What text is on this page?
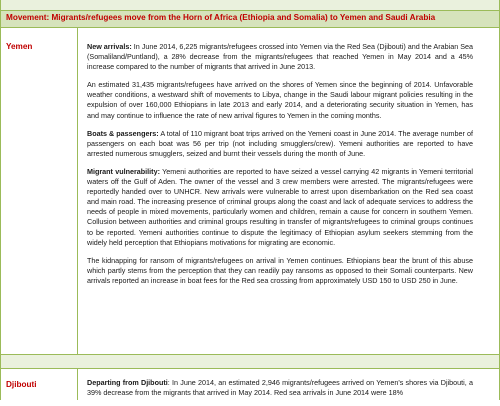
Movement: Migrants/refugees move from the Horn of Africa (Ethiopia and Somalia) to Yemen and Saudi Arabia
Yemen	New arrivals: In June 2014, 6,225 migrants/refugees crossed into Yemen via the Red Sea (Djibouti) and the Arabian Sea (Somaliland/Puntland), a 28% decrease from the migrants/refugees that reached Yemen in May 2014 and a 45% increase compared to the number of migrants that arrived in June 2013.

An estimated 31,435 migrants/refugees have arrived on the shores of Yemen since the beginning of 2014. Unfavorable weather conditions, a westward shift of movements to Libya, change in the Saudi labour migrant policies resulting in the expulsion of over 160,000 Ethiopians in late 2013 and early 2014, and a deteriorating security situation in Yemen, has and may continue to influence the rate of new arrival figures to Yemen in the coming months.

Boats & passengers: A total of 110 migrant boat trips arrived on the Yemeni coast in June 2014. The average number of passengers on each boat was 56 per trip (not including smugglers/crew). Yemeni authorities are reported to have arrested numerous smugglers, seized and burnt their vessels during the month of June.

Migrant vulnerability: Yemeni authorities are reported to have seized a vessel carrying 42 migrants in Yemeni territorial waters off the Gulf of Aden. The owner of the vessel and 3 crew members were arrested. The migrants/refugees were reportedly handed over to UNHCR. New arrivals were vulnerable to arrest upon disembarkation on the Red sea coast and main road. The increasing presence of criminal groups along the coast and lack of adequate services to address the needs of people in mixed movements, particularly women and children, remain a cause for concern in southern Yemen. Collusion between authorities and criminal groups resulting in transfer of migrants/refugees to criminal groups continues to be reported. Yemeni authorities continue to dispute the legitimacy of Ethiopian asylum seekers stemming from the widely held perception that Ethiopians motivations for migrating are economic.

The kidnapping for ransom of migrants/refugees on arrival in Yemen continues. Ethiopians bear the brunt of this abuse which partly stems from the perception that they can readily pay ransoms as opposed to their Somali counterparts. New arrivals reported an increase in boat fees for the Red sea crossing from approximately USD 150 to USD 250 in June.

Djibouti	Departing from Djibouti: In June 2014, an estimated 2,946 migrants/refugees arrived on Yemen's shores via Djibouti, a 39% decrease from the migrants that arrived in May 2014. Red sea arrivals in June 2014 were 18%
